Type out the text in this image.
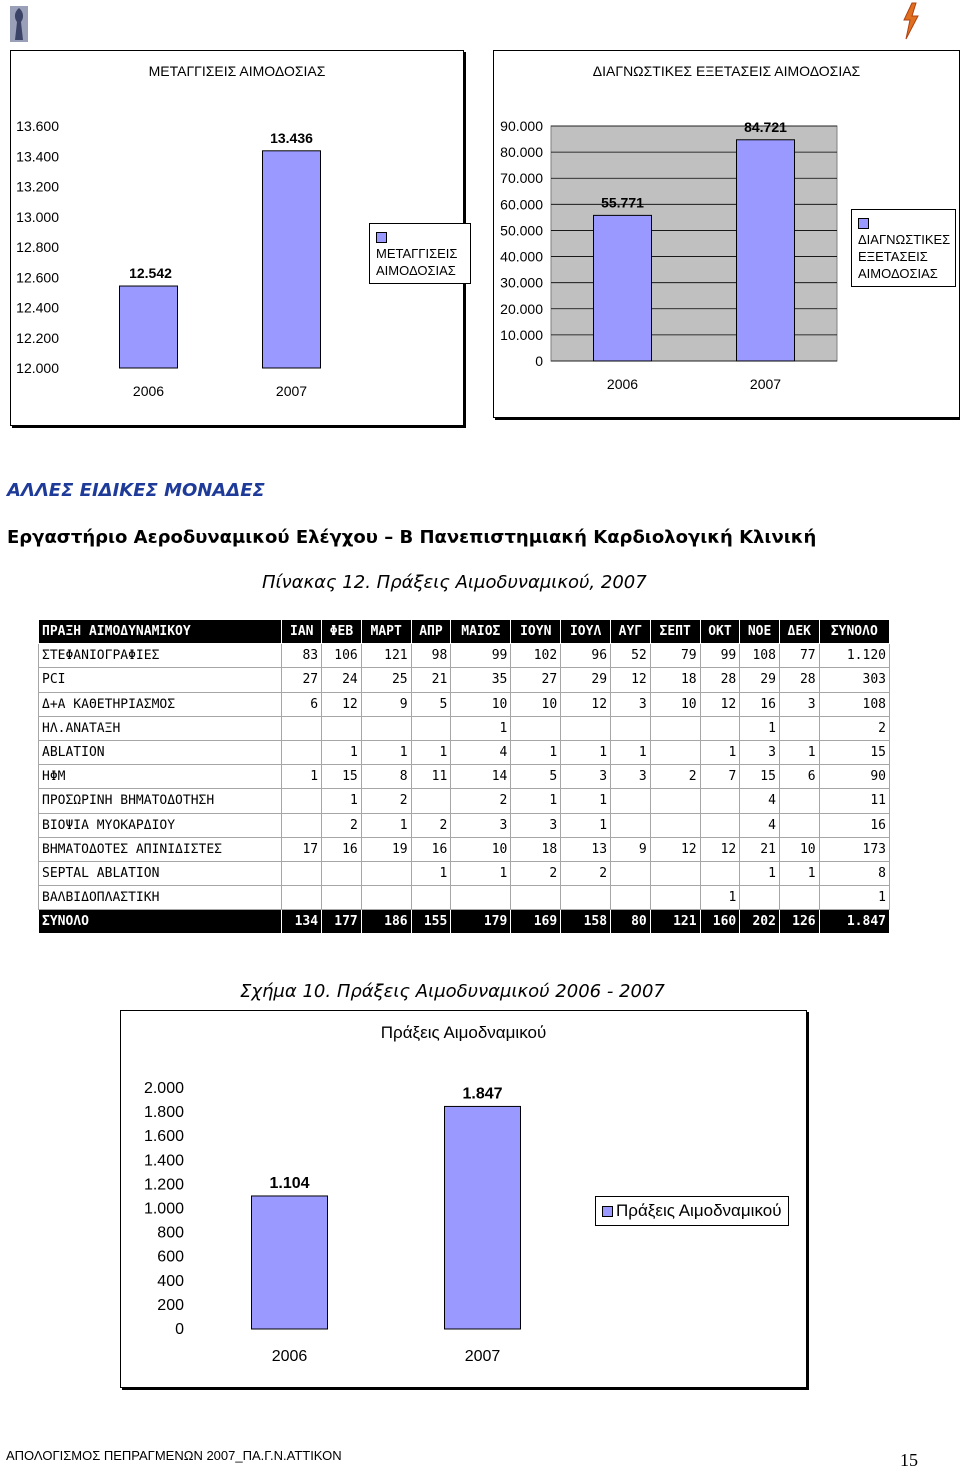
ΜΕΤΑΓΓΙΣΕΙΣ ΑΙΜΟΔΟΣΙΑΣ
13.600
13.400
13.200
13.000
12.800
12.600
12.400
12.200
12.000
12.542
2006
13.436
2007
ΜΕΤΑΓΓΙΣΕΙΣ ΑΙΜΟΔΟΣΙΑΣ
ΔΙΑΓΝΩΣΤΙΚΕΣ ΕΞΕΤΑΣΕΙΣ ΑΙΜΟΔΟΣΙΑΣ
90.000
80.000
70.000
60.000
50.000
40.000
30.000
20.000
10.000
0
55.771
2006
84.721
2007
ΔΙΑΓΝΩΣΤΙΚΕΣ
ΕΞΕΤΑΣΕΙΣ
ΑΙΜΟΔΟΣΙΑΣ
ΑΛΛΕΣ ΕΙΔΙΚΕΣ ΜΟΝΑΔΕΣ
Εργαστήριο Αεροδυναμικού Ελέγχου – Β Πανεπιστημιακή Καρδιολογική Κλινική
Πίνακας 12. Πράξεις Αιμοδυναμικού, 2007
ΠΡΑΞΗ ΑΙΜΟΔΥΝΑΜΙΚΟΥ	ΙΑΝ	ΦΕΒ	ΜΑΡΤ	ΑΠΡ	ΜΑΙΟΣ	ΙΟΥΝ	ΙΟΥΛ	ΑΥΓ	ΣΕΠΤ	ΟΚΤ	ΝΟΕ	ΔΕΚ	ΣΥΝΟΛΟ
ΣΤΕΦΑΝΙΟΓΡΑΦΙΕΣ	83	106	121	98	99	102	96	52	79	99	108	77	1.120
PCI	27	24	25	21	35	27	29	12	18	28	29	28	303
Δ+Α ΚΑΘΕΤΗΡΙΑΣΜΟΣ	6	12	9	5	10	10	12	3	10	12	16	3	108
ΗΛ.ΑΝΑΤΑΞΗ					1						1		2
ABLATION		1	1	1	4	1	1	1		1	3	1	15
ΗΦΜ	1	15	8	11	14	5	3	3	2	7	15	6	90
ΠΡΟΣΩΡΙΝΗ ΒΗΜΑΤΟΔΟΤΗΣΗ		1	2		2	1	1				4		11
ΒΙΟΨΙΑ ΜΥΟΚΑΡΔΙΟΥ		2	1	2	3	3	1				4		16
ΒΗΜΑΤΟΔΟΤΕΣ ΑΠΙΝΙΔΙΣΤΕΣ	17	16	19	16	10	18	13	9	12	12	21	10	173
SEPTAL ABLATION				1	1	2	2				1	1	8
ΒΑΛΒΙΔΟΠΛΑΣΤΙΚΗ										1			1
ΣΥΝΟΛΟ	134	177	186	155	179	169	158	80	121	160	202	126	1.847
Σχήμα 10. Πράξεις Αιμοδυναμικού 2006 - 2007
Πράξεις Αιμοδναμικού
2.000
1.800
1.600
1.400
1.200
1.000
800
600
400
200
0
1.104
2006
1.847
2007
Πράξεις Αιμοδναμικού
ΑΠΟΛΟΓΙΣΜΟΣ ΠΕΠΡΑΓΜΕΝΩΝ 2007_ΠΑ.Γ.Ν.ΑΤΤΙΚΟΝ	15
